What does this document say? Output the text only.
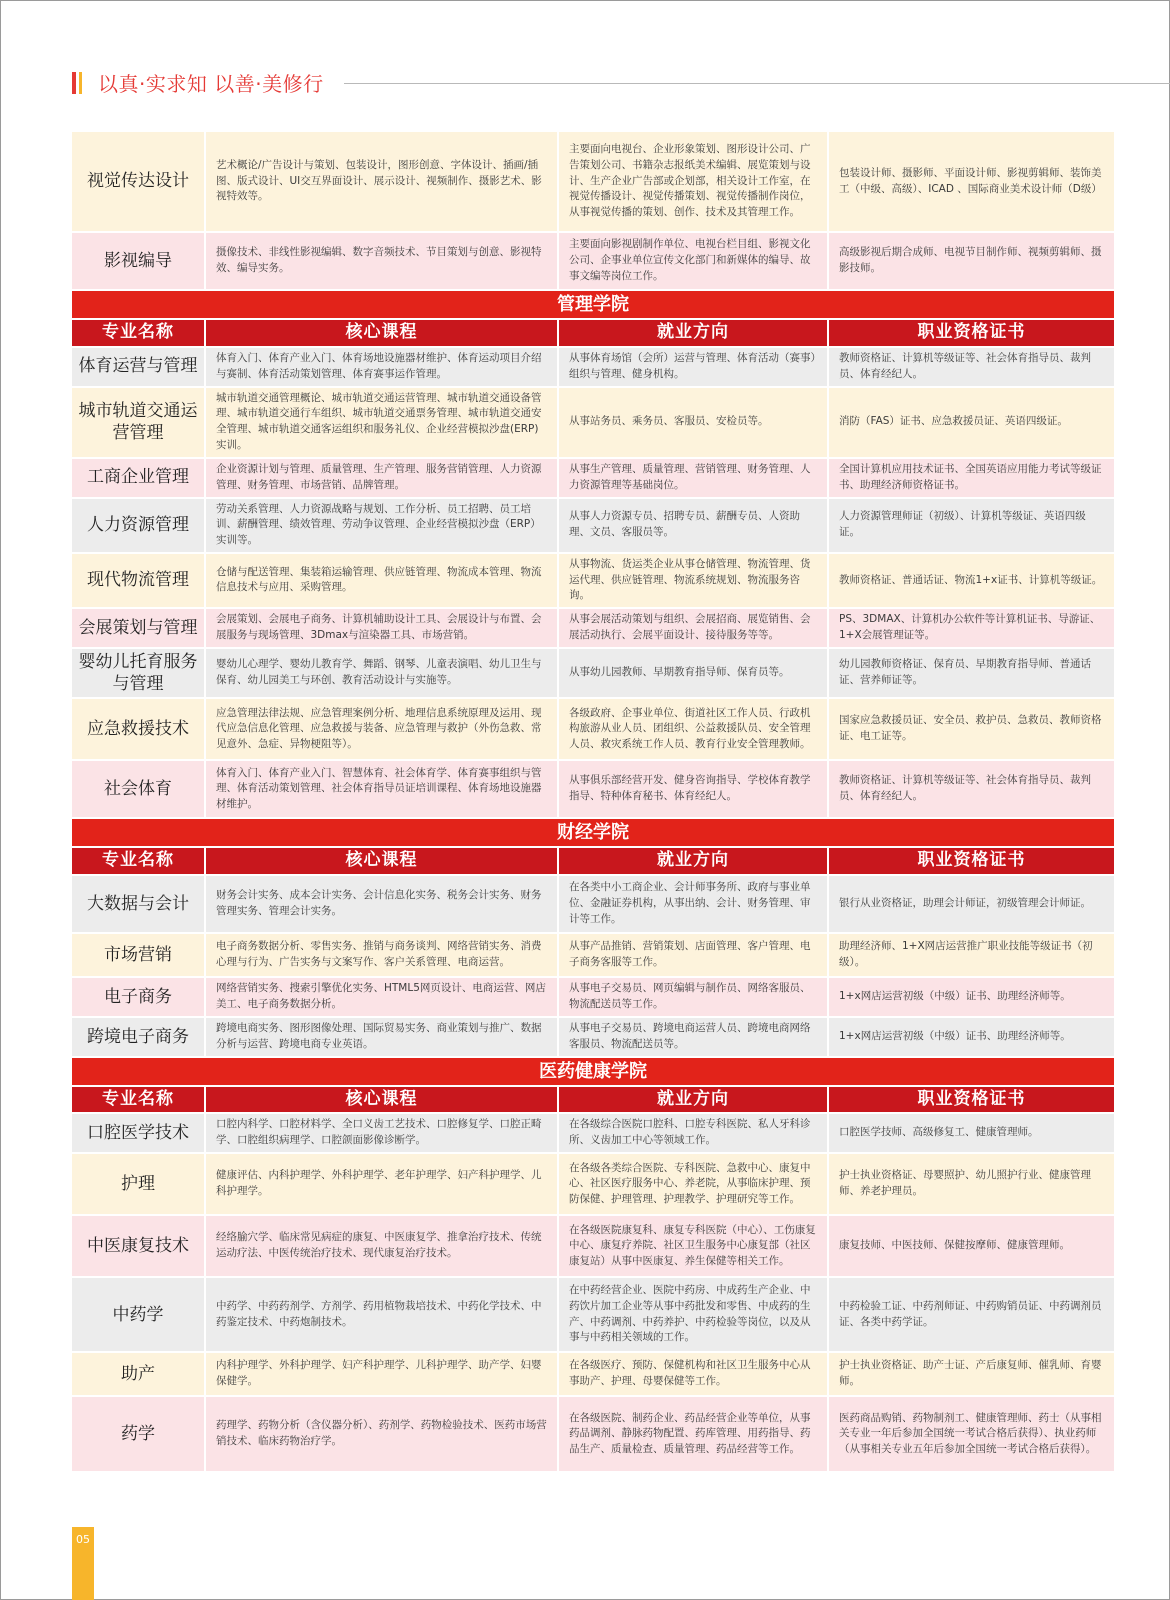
以真·实求知 以善·美修行
视觉传达设计	艺术概论/广告设计与策划、包装设计，图形创意、字体设计、插画/插图、版式设计、UI交互界面设计、展示设计、视频制作、摄影艺术、影视特效等。	主要面向电视台、企业形象策划、图形设计公司、广告策划公司、书籍杂志报纸美术编辑、展览策划与设计、生产企业广告部或企划部，相关设计工作室，在视觉传播设计、视觉传播策划、视觉传播制作岗位，从事视觉传播的策划、创作、技术及其管理工作。	包装设计师、摄影师、平面设计师、影视剪辑师、装饰美工（中级、高级）、ICAD 、国际商业美术设计师（D级）
影视编导	摄像技术、非线性影视编辑、数字音频技术、节目策划与创意、影视特效、编导实务。	主要面向影视剧制作单位、电视台栏目组、影视文化公司、企事业单位宣传文化部门和新媒体的编导、故事文编等岗位工作。	高级影视后期合成师、电视节目制作师、视频剪辑师、摄影技师。
管理学院			
专业名称	核心课程	就业方向	职业资格证书
体育运营与管理	体育入门、体育产业入门、体育场地设施器材维护、体育运动项目介绍与赛制、体育活动策划管理、体育赛事运作管理。	从事体育场馆（会所）运营与管理、体育活动（赛事）组织与管理、健身机构。	教师资格证、计算机等级证等、社会体育指导员、裁判员、体育经纪人。
城市轨道交通运营管理	城市轨道交通管理概论、城市轨道交通运营管理、城市轨道交通设备管理、城市轨道交通行车组织、城市轨道交通票务管理、城市轨道交通安全管理、城市轨道交通客运组织和服务礼仪、企业经营模拟沙盘(ERP) 实训。	从事站务员、乘务员、客服员、安检员等。	消防（FAS）证书、应急救援员证、英语四级证。
工商企业管理	企业资源计划与管理、质量管理、生产管理、服务营销管理、人力资源管理、财务管理、市场营销、品牌管理。	从事生产管理、质量管理、营销管理、财务管理、人力资源管理等基础岗位。	全国计算机应用技术证书、全国英语应用能力考试等级证书、助理经济师资格证书。
人力资源管理	劳动关系管理、人力资源战略与规划、工作分析、员工招聘、员工培训、薪酬管理、绩效管理、劳动争议管理、企业经营模拟沙盘（ERP）实训等。	从事人力资源专员、招聘专员、薪酬专员、人资助理、文员、客服员等。	人力资源管理师证（初级）、计算机等级证、英语四级证。
现代物流管理	仓储与配送管理、集装箱运输管理、供应链管理、物流成本管理、物流信息技术与应用、采购管理。	从事物流、货运类企业从事仓储管理、物流管理、货运代理、供应链管理、物流系统规划、物流服务咨询。	教师资格证、普通话证、物流1+x证书、计算机等级证。
会展策划与管理	会展策划、会展电子商务、计算机辅助设计工具、会展设计与布置、会展服务与现场管理、3Dmax与渲染器工具、市场营销。	从事会展活动策划与组织、会展招商、展览销售、会展活动执行、会展平面设计、接待服务等等。	PS、3DMAX、计算机办公软件等计算机证书、导游证、1+X会展管理证等。
婴幼儿托育服务与管理	婴幼儿心理学、婴幼儿教育学、舞蹈、钢琴、儿童表演唱、幼儿卫生与保育、幼儿园美工与环创、教育活动设计与实施等。	从事幼儿园教师、早期教育指导师、保育员等。	幼儿园教师资格证、保育员、早期教育指导师、普通话证、营养师证等。
应急救援技术	应急管理法律法规、应急管理案例分析、地理信息系统原理及运用、现代应急信息化管理、应急救援与装备、应急管理与救护（外伤急救、常见意外、急症、异物梗阻等）。	各级政府、企事业单位、街道社区工作人员、行政机构旅游从业人员、团组织、公益救援队员、安全管理人员、救灾系统工作人员、教育行业安全管理教师。	国家应急救援员证、安全员、救护员、急救员、教师资格证、电工证等。
社会体育	体育入门、体育产业入门、智慧体育、社会体育学、体育赛事组织与管理、体育活动策划管理、社会体育指导员证培训课程、体育场地设施器材维护。	从事俱乐部经营开发、健身咨询指导、学校体育教学指导、特种体育秘书、体育经纪人。	教师资格证、计算机等级证等、社会体育指导员、裁判员、体育经纪人。
财经学院			
专业名称	核心课程	就业方向	职业资格证书
大数据与会计	财务会计实务、成本会计实务、会计信息化实务、税务会计实务、财务管理实务、管理会计实务。	在各类中小工商企业、会计师事务所、政府与事业单位、金融证券机构，从事出纳、会计、财务管理、审计等工作。	银行从业资格证，助理会计师证，初级管理会计师证。
市场营销	电子商务数据分析、零售实务、推销与商务谈判、网络营销实务、消费心理与行为、广告实务与文案写作、客户关系管理、电商运营。	从事产品推销、营销策划、店面管理、客户管理、电子商务客服等工作。	助理经济师、1+X网店运营推广职业技能等级证书（初级）。
电子商务	网络营销实务、搜索引擎优化实务、HTML5网页设计、电商运营、网店美工、电子商务数据分析。	从事电子交易员、网页编辑与制作员、网络客服员、物流配送员等工作。	1+x网店运营初级（中级）证书、助理经济师等。
跨境电子商务	跨境电商实务、图形图像处理、国际贸易实务、商业策划与推广、数据分析与运营、跨境电商专业英语。	从事电子交易员、跨境电商运营人员、跨境电商网络客服员、物流配送员等。	1+x网店运营初级（中级）证书、助理经济师等。
医药健康学院			
专业名称	核心课程	就业方向	职业资格证书
口腔医学技术	口腔内科学、口腔材料学、全口义齿工艺技术、口腔修复学、口腔正畸学、口腔组织病理学、口腔颌面影像诊断学。	在各级综合医院口腔科、口腔专科医院、私人牙科诊所、义齿加工中心等领域工作。	口腔医学技师、高级修复工、健康管理师。
护理	健康评估、内科护理学、外科护理学、老年护理学、妇产科护理学、儿科护理学。	在各级各类综合医院、专科医院、急救中心、康复中心、社区医疗服务中心、养老院，从事临床护理、预防保健、护理管理、护理教学、护理研究等工作。	护士执业资格证、母婴照护、幼儿照护行业、健康管理师、养老护理员。
中医康复技术	经络腧穴学、临床常见病症的康复、中医康复学、推拿治疗技术、传统运动疗法、中医传统治疗技术、现代康复治疗技术。	在各级医院康复科、康复专科医院（中心）、工伤康复中心、康复疗养院、社区卫生服务中心康复部（社区康复站）从事中医康复、养生保健等相关工作。	康复技师、中医技师、保健按摩师、健康管理师。
中药学	中药学、中药药剂学、方剂学、药用植物栽培技术、中药化学技术、中药鉴定技术、中药炮制技术。	在中药经营企业、医院中药房、中成药生产企业、中药饮片加工企业等从事中药批发和零售、中成药的生产、中药调剂、中药养护、中药检验等岗位，以及从事与中药相关领域的工作。	中药检验工证、中药剂师证、中药购销员证、中药调剂员证、各类中药学证。
助产	内科护理学、外科护理学、妇产科护理学、儿科护理学、助产学、妇婴保健学。	在各级医疗、预防、保健机构和社区卫生服务中心从事助产、护理、母婴保健等工作。	护士执业资格证、助产士证、产后康复师、催乳师、育婴师。
药学	药理学、药物分析（含仪器分析）、药剂学、药物检验技术、医药市场营销技术、临床药物治疗学。	在各级医院、制药企业、药品经营企业等单位，从事药品调剂、静脉药物配置、药库管理、用药指导、药品生产、质量检查、质量管理、药品经营等工作。	医药商品购销、药物制剂工、健康管理师、药士（从事相关专业一年后参加全国统一考试合格后获得）、执业药师（从事相关专业五年后参加全国统一考试合格后获得）。
05
